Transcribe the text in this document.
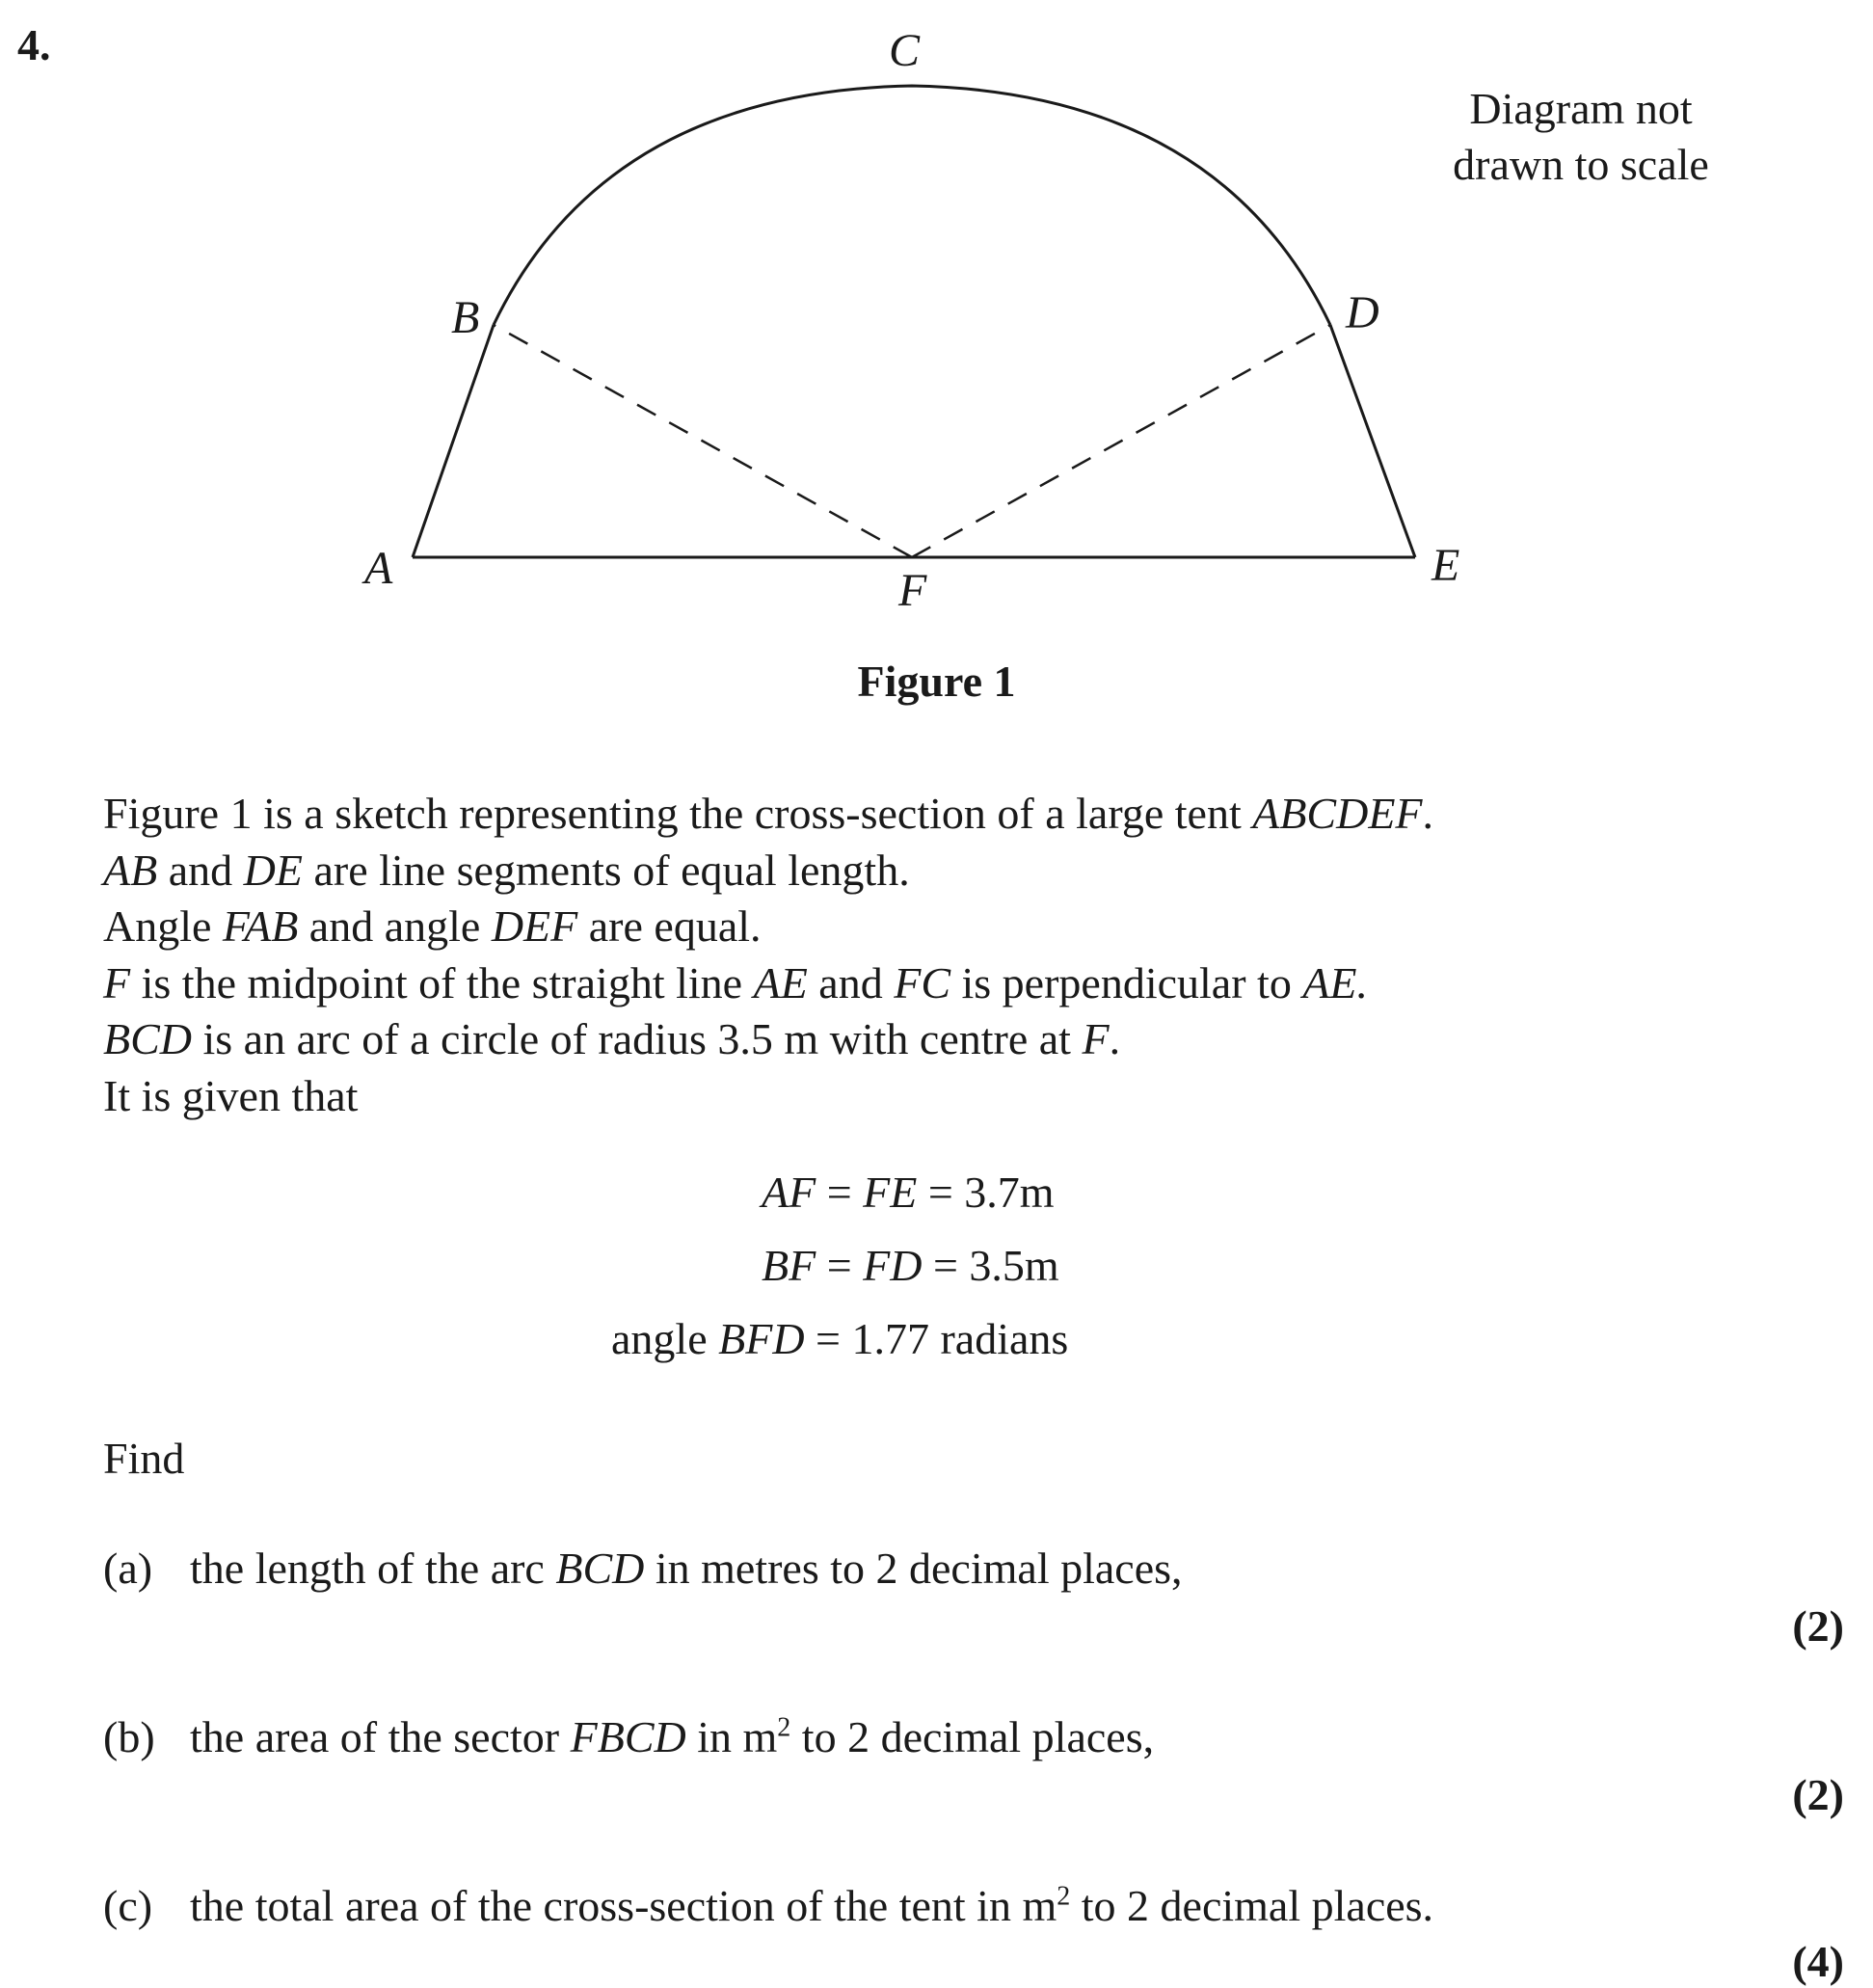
4.	C
B	D
A	F	E
Diagram not
drawn to scale
Figure 1
Figure 1 is a sketch representing the cross-section of a large tent ABCDEF.
AB and DE are line segments of equal length.
Angle FAB and angle DEF are equal.
F is the midpoint of the straight line AE and FC is perpendicular to AE.
BCD is an arc of a circle of radius 3.5 m with centre at F.
It is given that
AF = FE = 3.7m
BF = FD = 3.5m
angle BFD = 1.77 radians
Find
(a) the length of the arc BCD in metres to 2 decimal places,
(2)
(b) the area of the sector FBCD in $m^2$ to 2 decimal places,
(2)
(c) the total area of the cross-section of the tent in $m^2$ to 2 decimal places.
(4)
